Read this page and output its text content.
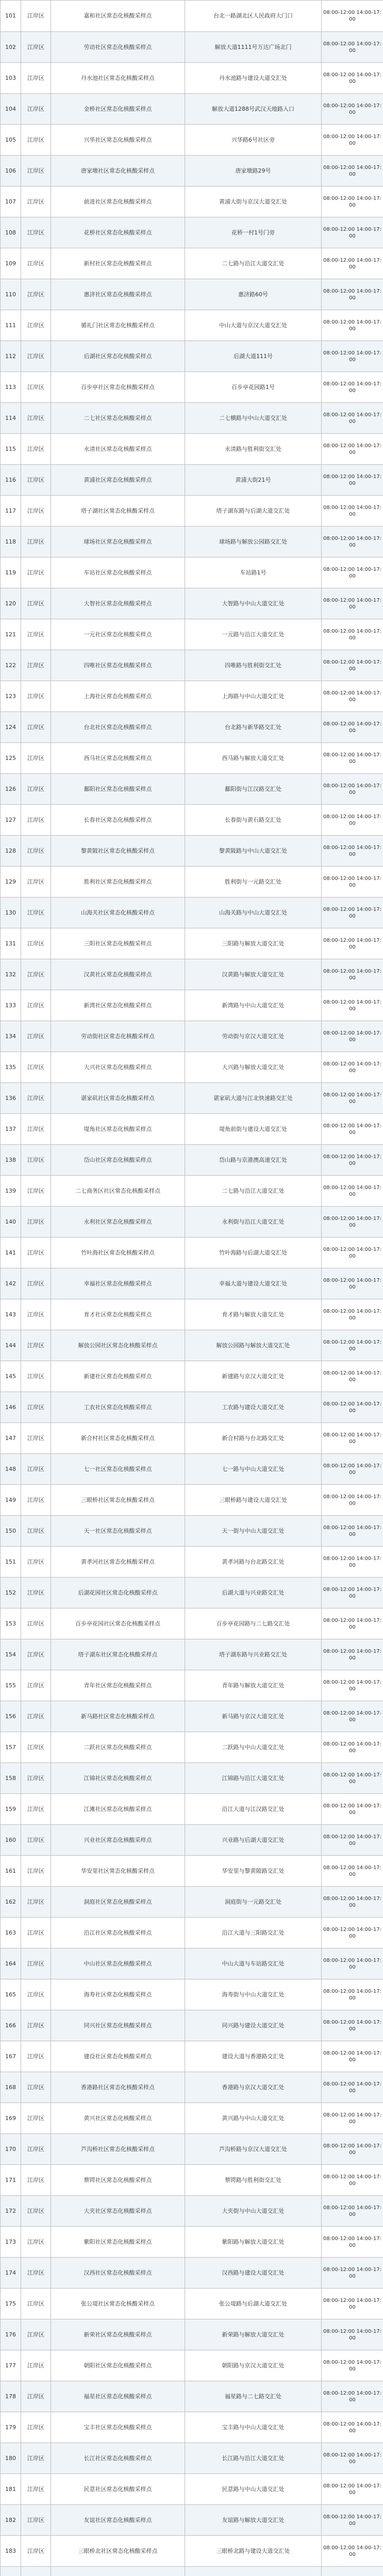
101	江岸区	嘉和社区常态化核酸采样点	台北一路湖北区人民政府大门口	08:00-12:00 14:00-17:00
102	江岸区	劳动社区常态化核酸采样点	解放大道1111号万达广场北门	08:00-12:00 14:00-17:00
103	江岸区	丹水池社区常态化核酸采样点	丹水池路与建设大道交汇处	08:00-12:00 14:00-17:00
104	江岸区	金桥社区常态化核酸采样点	解放大道1288号武汉天地路入口	08:00-12:00 14:00-17:00
105	江岸区	兴华社区常态化核酸采样点	兴华路6号社区旁	08:00-12:00 14:00-17:00
106	江岸区	唐家墩社区常态化核酸采样点	唐家墩路29号	08:00-12:00 14:00-17:00
107	江岸区	前进社区常态化核酸采样点	黄浦大街与京汉大道交汇处	08:00-12:00 14:00-17:00
108	江岸区	花桥社区常态化核酸采样点	花桥一村1号门旁	08:00-12:00 14:00-17:00
109	江岸区	新村社区常态化核酸采样点	二七路与沿江大道交汇处	08:00-12:00 14:00-17:00
110	江岸区	惠济社区常态化核酸采样点	惠济路60号	08:00-12:00 14:00-17:00
111	江岸区	循礼门社区常态化核酸采样点	中山大道与京汉大道交汇处	08:00-12:00 14:00-17:00
112	江岸区	后湖社区常态化核酸采样点	后湖大道111号	08:00-12:00 14:00-17:00
113	江岸区	百步亭社区常态化核酸采样点	百步亭花园路1号	08:00-12:00 14:00-17:00
114	江岸区	二七社区常态化核酸采样点	二七横路与中山大道交汇处	08:00-12:00 14:00-17:00
115	江岸区	永清社区常态化核酸采样点	永清路与胜利街交汇处	08:00-12:00 14:00-17:00
116	江岸区	黄浦社区常态化核酸采样点	黄浦大街21号	08:00-12:00 14:00-17:00
117	江岸区	塔子湖社区常态化核酸采样点	塔子湖东路与后湖大道交汇处	08:00-12:00 14:00-17:00
118	江岸区	球场社区常态化核酸采样点	球场路与解放公园路交汇处	08:00-12:00 14:00-17:00
119	江岸区	车站社区常态化核酸采样点	车站路1号	08:00-12:00 14:00-17:00
120	江岸区	大智社区常态化核酸采样点	大智路与中山大道交汇处	08:00-12:00 14:00-17:00
121	江岸区	一元社区常态化核酸采样点	一元路与沿江大道交汇处	08:00-12:00 14:00-17:00
122	江岸区	四唯社区常态化核酸采样点	四唯路与胜利街交汇处	08:00-12:00 14:00-17:00
123	江岸区	上海社区常态化核酸采样点	上海路与中山大道交汇处	08:00-12:00 14:00-17:00
124	江岸区	台北社区常态化核酸采样点	台北路与新华路交汇处	08:00-12:00 14:00-17:00
125	江岸区	西马社区常态化核酸采样点	西马路与解放大道交汇处	08:00-12:00 14:00-17:00
126	江岸区	鄱阳社区常态化核酸采样点	鄱阳街与江汉路交汇处	08:00-12:00 14:00-17:00
127	江岸区	长春社区常态化核酸采样点	长春街与黄石路交汇处	08:00-12:00 14:00-17:00
128	江岸区	黎黄陂社区常态化核酸采样点	黎黄陂路与中山大道交汇处	08:00-12:00 14:00-17:00
129	江岸区	胜利社区常态化核酸采样点	胜利街与一元路交汇处	08:00-12:00 14:00-17:00
130	江岸区	山海关社区常态化核酸采样点	山海关路与中山大道交汇处	08:00-12:00 14:00-17:00
131	江岸区	三阳社区常态化核酸采样点	三阳路与解放大道交汇处	08:00-12:00 14:00-17:00
132	江岸区	汉黄社区常态化核酸采样点	汉黄路与解放大道交汇处	08:00-12:00 14:00-17:00
133	江岸区	新湾社区常态化核酸采样点	新湾路与中山大道交汇处	08:00-12:00 14:00-17:00
134	江岸区	劳动街社区常态化核酸采样点	劳动街与京汉大道交汇处	08:00-12:00 14:00-17:00
135	江岸区	大兴社区常态化核酸采样点	大兴路与解放大道交汇处	08:00-12:00 14:00-17:00
136	江岸区	谌家矶社区常态化核酸采样点	谌家矶大道与江北快速路交汇处	08:00-12:00 14:00-17:00
137	江岸区	堤角社区常态化核酸采样点	堤角前街与建设大道交汇处	08:00-12:00 14:00-17:00
138	江岸区	岱山社区常态化核酸采样点	岱山路与京港澳高速交汇处	08:00-12:00 14:00-17:00
139	江岸区	二七商务区社区常态化核酸采样点	二七路与沿江大道交汇处	08:00-12:00 14:00-17:00
140	江岸区	永利社区常态化核酸采样点	永利街与沿江大道交汇处	08:00-12:00 14:00-17:00
141	江岸区	竹叶海社区常态化核酸采样点	竹叶海路与后湖大道交汇处	08:00-12:00 14:00-17:00
142	江岸区	幸福社区常态化核酸采样点	幸福大道与建设大道交汇处	08:00-12:00 14:00-17:00
143	江岸区	育才社区常态化核酸采样点	育才路与解放大道交汇处	08:00-12:00 14:00-17:00
144	江岸区	解放公园社区常态化核酸采样点	解放公园路与解放大道交汇处	08:00-12:00 14:00-17:00
145	江岸区	新建社区常态化核酸采样点	新建路与京汉大道交汇处	08:00-12:00 14:00-17:00
146	江岸区	工农社区常态化核酸采样点	工农路与建设大道交汇处	08:00-12:00 14:00-17:00
147	江岸区	新合村社区常态化核酸采样点	新合村路与台北路交汇处	08:00-12:00 14:00-17:00
148	江岸区	七一社区常态化核酸采样点	七一路与中山大道交汇处	08:00-12:00 14:00-17:00
149	江岸区	三眼桥社区常态化核酸采样点	三眼桥路与建设大道交汇处	08:00-12:00 14:00-17:00
150	江岸区	天一社区常态化核酸采样点	天一街与中山大道交汇处	08:00-12:00 14:00-17:00
151	江岸区	黄孝河社区常态化核酸采样点	黄孝河路与台北路交汇处	08:00-12:00 14:00-17:00
152	江岸区	后湖花园社区常态化核酸采样点	后湖大道与兴业路交汇处	08:00-12:00 14:00-17:00
153	江岸区	百步亭花园社区常态化核酸采样点	百步亭花园路与二七路交汇处	08:00-12:00 14:00-17:00
154	江岸区	塔子湖东社区常态化核酸采样点	塔子湖东路与兴业路交汇处	08:00-12:00 14:00-17:00
155	江岸区	青年社区常态化核酸采样点	青年路与解放大道交汇处	08:00-12:00 14:00-17:00
156	江岸区	新马路社区常态化核酸采样点	新马路与京汉大道交汇处	08:00-12:00 14:00-17:00
157	江岸区	二跃社区常态化核酸采样点	二跃路与中山大道交汇处	08:00-12:00 14:00-17:00
158	江岸区	江锦社区常态化核酸采样点	江锦路与沿江大道交汇处	08:00-12:00 14:00-17:00
159	江岸区	江滩社区常态化核酸采样点	沿江大道与江汉路交汇处	08:00-12:00 14:00-17:00
160	江岸区	兴业社区常态化核酸采样点	兴业路与后湖大道交汇处	08:00-12:00 14:00-17:00
161	江岸区	华安里社区常态化核酸采样点	华安里与黎黄陂路交汇处	08:00-12:00 14:00-17:00
162	江岸区	洞庭社区常态化核酸采样点	洞庭街与一元路交汇处	08:00-12:00 14:00-17:00
163	江岸区	沿江社区常态化核酸采样点	沿江大道与三阳路交汇处	08:00-12:00 14:00-17:00
164	江岸区	中山社区常态化核酸采样点	中山大道与车站路交汇处	08:00-12:00 14:00-17:00
165	江岸区	海寿社区常态化核酸采样点	海寿街与中山大道交汇处	08:00-12:00 14:00-17:00
166	江岸区	同兴社区常态化核酸采样点	同兴路与建设大道交汇处	08:00-12:00 14:00-17:00
167	江岸区	建设社区常态化核酸采样点	建设大道与香港路交汇处	08:00-12:00 14:00-17:00
168	江岸区	香港路社区常态化核酸采样点	香港路与京汉大道交汇处	08:00-12:00 14:00-17:00
169	江岸区	黄兴社区常态化核酸采样点	黄兴路与中山大道交汇处	08:00-12:00 14:00-17:00
170	江岸区	芦沟桥社区常态化核酸采样点	芦沟桥路与京汉大道交汇处	08:00-12:00 14:00-17:00
171	江岸区	蔡锷社区常态化核酸采样点	蔡锷路与胜利街交汇处	08:00-12:00 14:00-17:00
172	江岸区	大夹社区常态化核酸采样点	大夹街与中山大道交汇处	08:00-12:00 14:00-17:00
173	江岸区	紫阳社区常态化核酸采样点	紫阳路与解放大道交汇处	08:00-12:00 14:00-17:00
174	江岸区	汉西社区常态化核酸采样点	汉西路与建设大道交汇处	08:00-12:00 14:00-17:00
175	江岸区	张公堤社区常态化核酸采样点	张公堤路与后湖大道交汇处	08:00-12:00 14:00-17:00
176	江岸区	新荣社区常态化核酸采样点	新荣路与解放大道交汇处	08:00-12:00 14:00-17:00
177	江岸区	朝阳社区常态化核酸采样点	朝阳路与京汉大道交汇处	08:00-12:00 14:00-17:00
178	江岸区	福星社区常态化核酸采样点	福星路与二七路交汇处	08:00-12:00 14:00-17:00
179	江岸区	宝丰社区常态化核酸采样点	宝丰路与中山大道交汇处	08:00-12:00 14:00-17:00
180	江岸区	长江社区常态化核酸采样点	长江路与沿江大道交汇处	08:00-12:00 14:00-17:00
181	江岸区	民意社区常态化核酸采样点	民意路与中山大道交汇处	08:00-12:00 14:00-17:00
182	江岸区	友谊社区常态化核酸采样点	友谊路与解放大道交汇处	08:00-12:00 14:00-17:00
183	江岸区	三眼桥北社区常态化核酸采样点	三眼桥北路与建设大道交汇处	08:00-12:00 14:00-17:00
